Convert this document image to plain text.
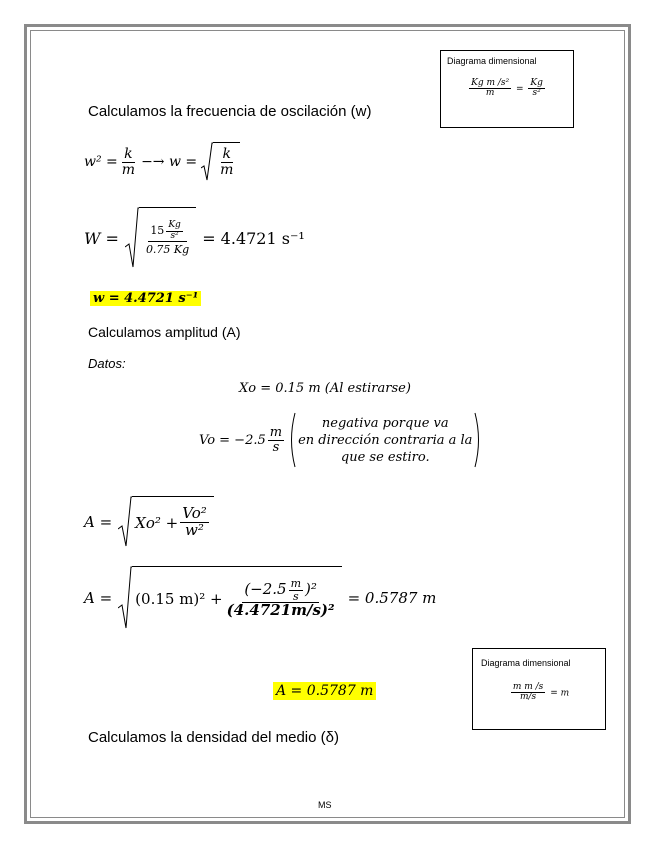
Diagrama dimensional
$\frac{\text{Kg m /s²}}{m} = \frac{Kg}{\text{s²}}$
Calculamos la frecuencia de oscilación (w)
$w^2 = \frac{k}{m} -\to w = \frac{k}{m}$
$W = \frac{15 \frac{Kg}{\text{s²}}}{0.75 Kg} = 4.4721$ s⁻¹
w = 4.4721 s⁻¹
Calculamos amplitud (A)
Datos:
Xo = 0.15 m (Al estirarse)
$Vo = -2.5 \frac{m}{s}$
negativa porque va
en dirección contraria a la
que se estiro.
$A = Xo^2 + \frac{\text{Vo²}}{\text{w²}}$
A = (0.15 $m)^2 + \frac{(-2.5 \frac{m}{s} )^2}{\text{(4.4721m/s)²}} = 0.5787$ m
Diagrama dimensional
$\frac{\text{m m /s}}{m/s} = m$
A = 0.5787 m
Calculamos la densidad del medio (δ)
MS
